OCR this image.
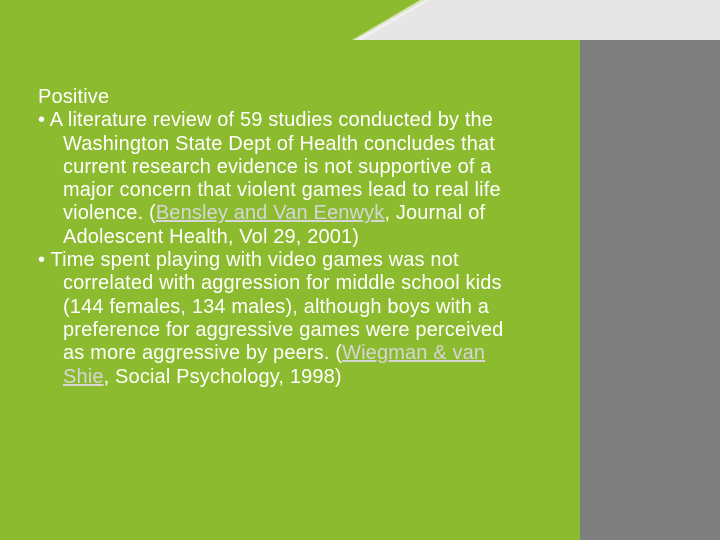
Positive

• A literature review of 59 studies conducted by the Washington State Dept of Health concludes that current research evidence is not supportive of a major concern that violent games lead to real life violence. (Bensley and Van Eenwyk, Journal of Adolescent Health, Vol 29, 2001)

• Time spent playing with video games was not correlated with aggression for middle school kids (144 females, 134 males), although boys with a preference for aggressive games were perceived as more aggressive by peers. (Wiegman & van Shie, Social Psychology, 1998)
